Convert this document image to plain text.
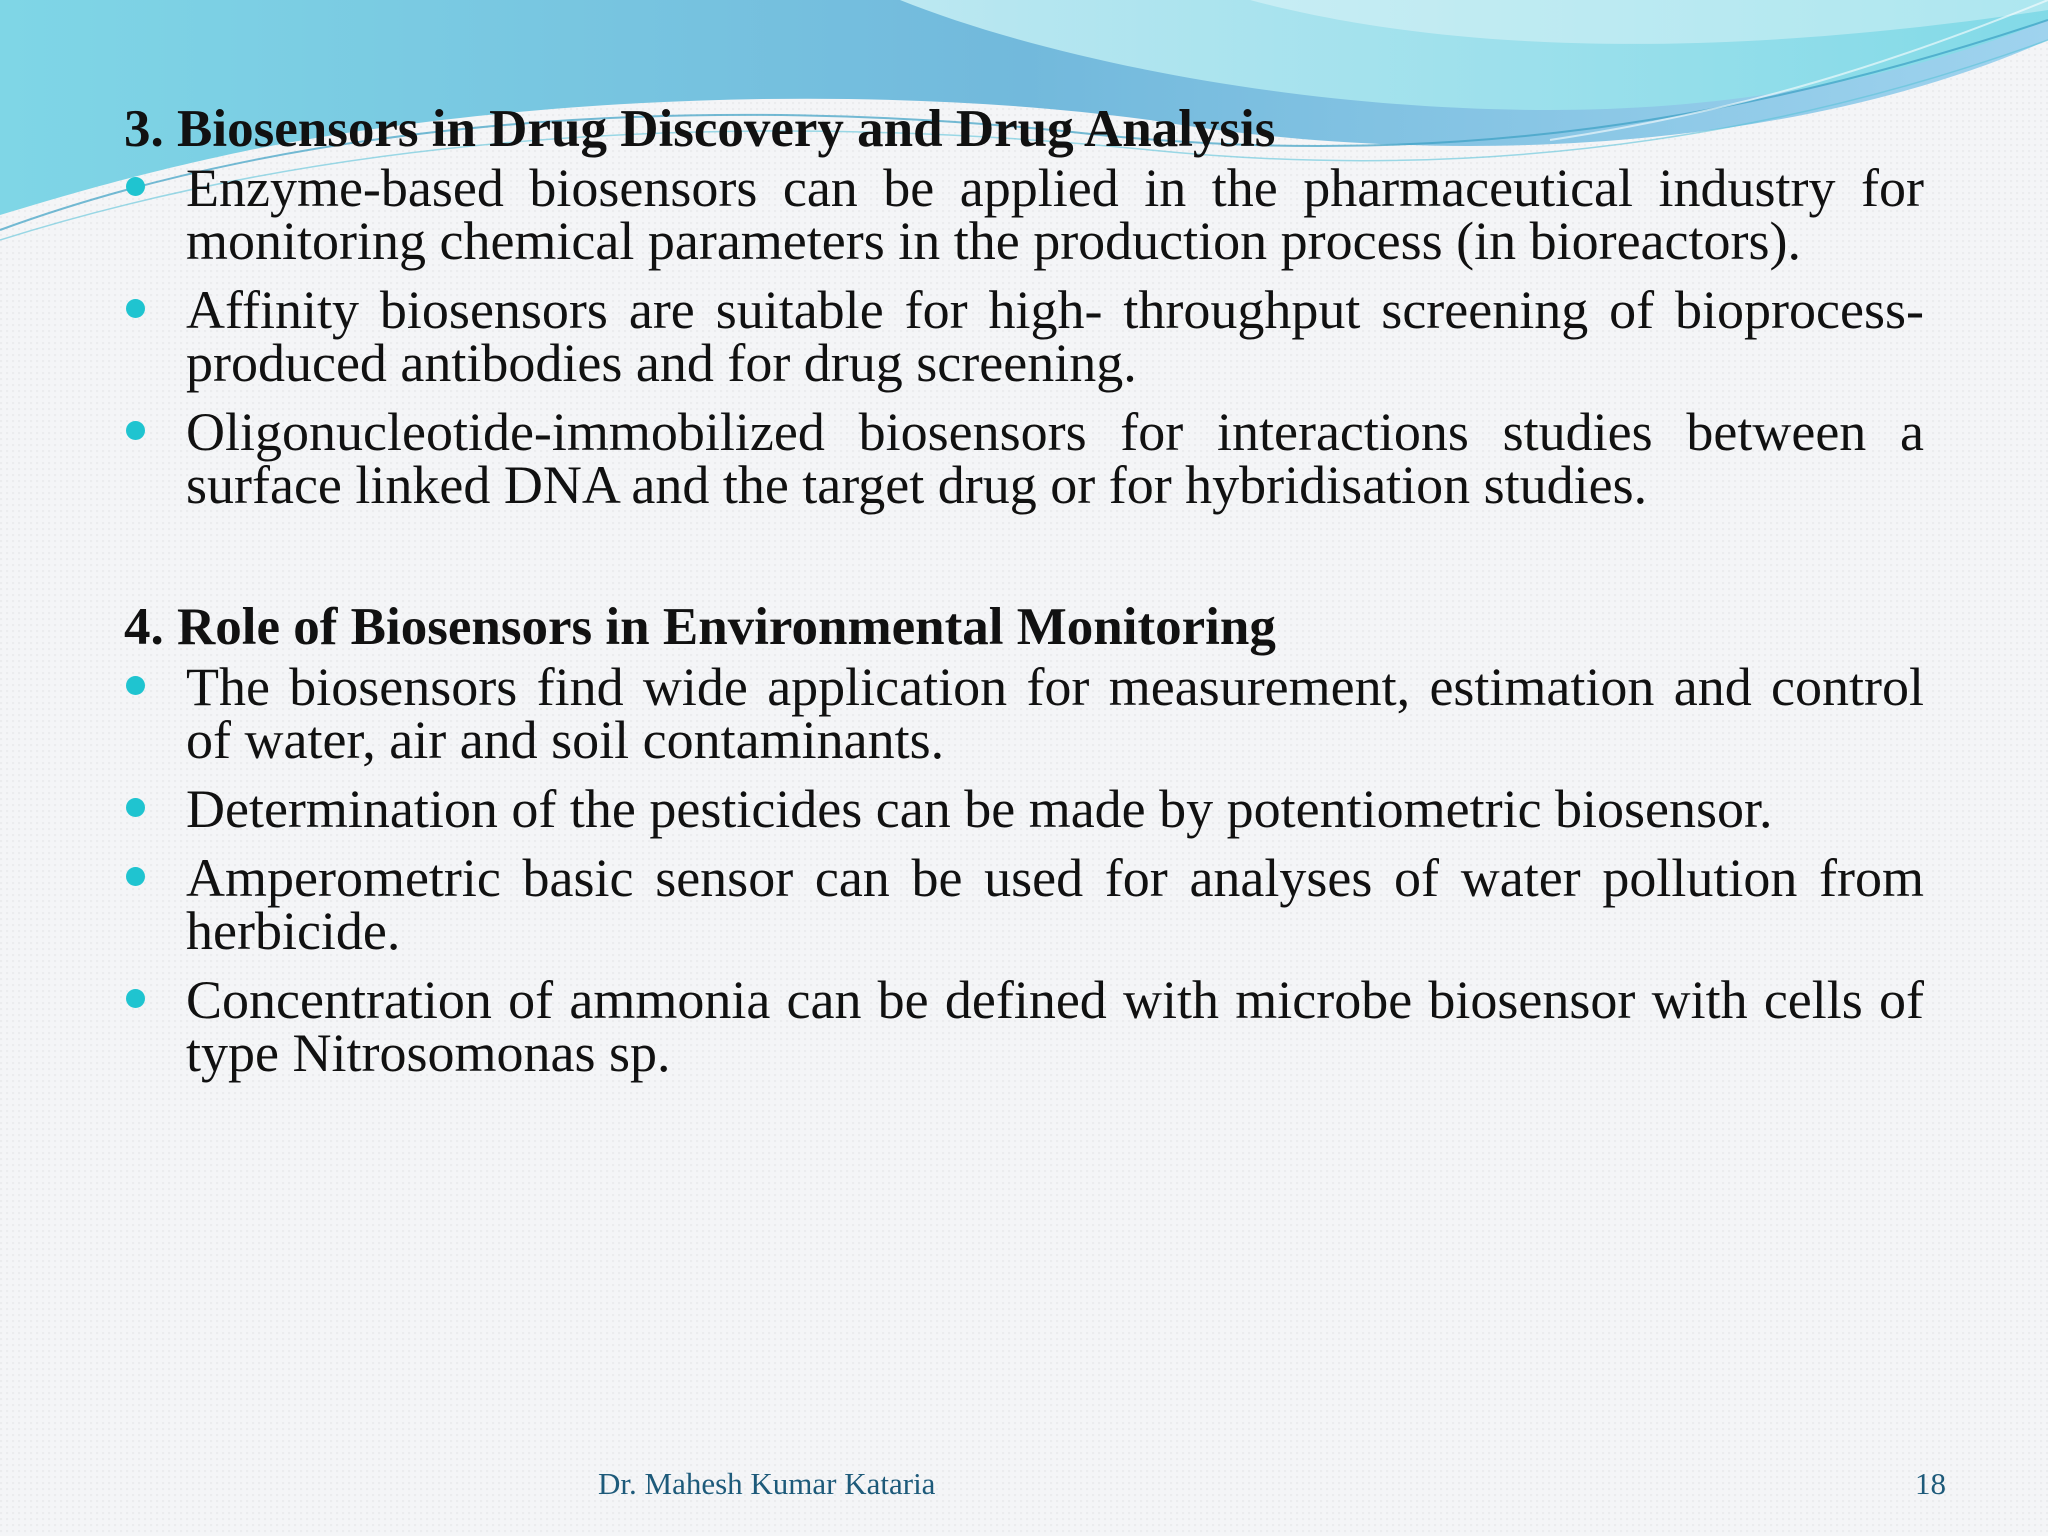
3. Biosensors in Drug Discovery and Drug Analysis
Enzyme-based biosensors can be applied in the pharmaceutical industry for monitoring chemical parameters in the production process (in bioreactors).
Affinity biosensors are suitable for high- throughput screening of bioprocess-produced antibodies and for drug screening.
Oligonucleotide-immobilized biosensors for interactions studies between a surface linked DNA and the target drug or for hybridisation studies.
4. Role of Biosensors in Environmental Monitoring
The biosensors find wide application for measurement, estimation and control of water, air and soil contaminants.
Determination of the pesticides can be made by potentiometric biosensor.
Amperometric basic sensor can be used for analyses of water pollution from herbicide.
Concentration of ammonia can be defined with microbe biosensor with cells of type Nitrosomonas sp.
Dr. Mahesh Kumar Kataria	18
